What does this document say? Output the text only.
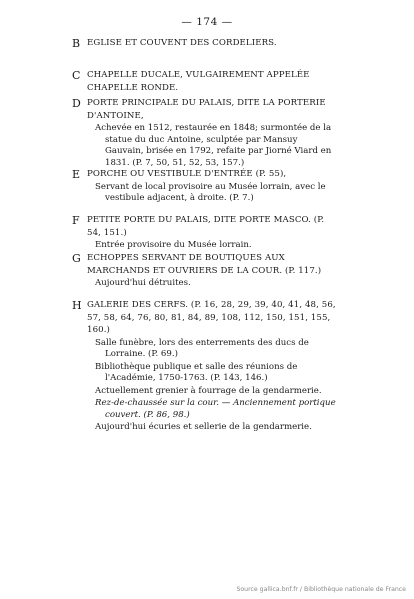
— 174 —
B EGLISE ET COUVENT DES CORDELIERS.
C CHAPELLE DUCALE, VULGAIREMENT APPELÉE CHAPELLE RONDE.
D PORTE PRINCIPALE DU PALAIS, DITE LA PORTERIE D'ANTOINE,
Achevée en 1512, restaurée en 1848; surmontée de la statue du duc Antoine, sculptée par Mansuy Gauvain, brisée en 1792, refaite par Jiorné Viard en 1831. (P. 7, 50, 51, 52, 53, 157.)
E PORCHE OU VESTIBULE D'ENTRÉE (P. 55),
Servant de local provisoire au Musée lorrain, avec le vestibule adjacent, à droite. (P. 7.)
F PETITE PORTE DU PALAIS, DITE PORTE MASCO. (P. 54, 151.)
Entrée provisoire du Musée lorrain.
G ECHOPPES SERVANT DE BOUTIQUES AUX MARCHANDS ET OUVRIERS DE LA COUR. (P. 117.)
Aujourd'hui détruites.
H GALERIE DES CERFS. (P. 16, 28, 29, 39, 40, 41, 48, 56, 57, 58, 64, 76, 80, 81, 84, 89, 108, 112, 150, 151, 155, 160.)
Salle funèbre, lors des enterrements des ducs de Lorraine. (P. 69.)
Bibliothèque publique et salle des réunions de l'Académie, 1750-1763. (P. 143, 146.)
Actuellement grenier à fourrage de la gendarmerie.
Rez-de-chaussée sur la cour. — Anciennement portique couvert. (P. 86, 98.)
Aujourd'hui écuries et sellerie de la gendarmerie.
Source gallica.bnf.fr / Bibliothèque nationale de France
